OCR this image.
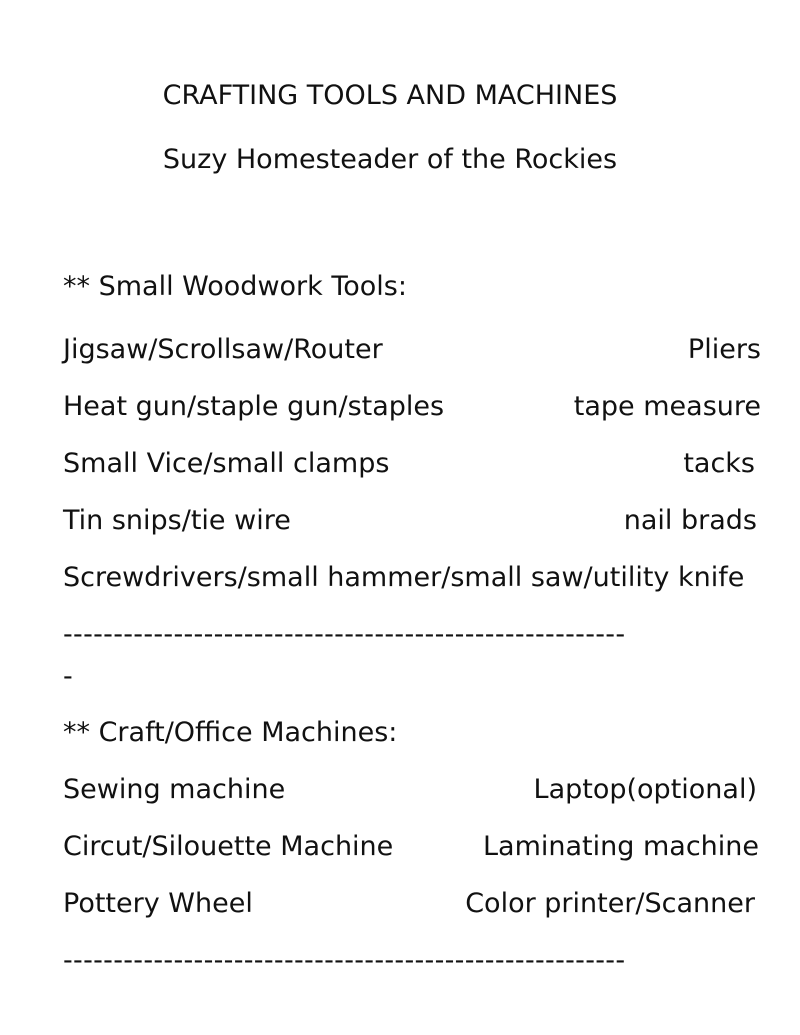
CRAFTING TOOLS AND MACHINES
Suzy Homesteader of the Rockies
** Small Woodwork Tools:
Jigsaw/Scrollsaw/Router	Pliers
Heat gun/staple gun/staples	tape measure
Small Vice/small clamps	tacks
Tin snips/tie wire	nail brads
Screwdrivers/small hammer/small saw/utility knife
--------------------------------------------------------
-
** Craft/Office Machines:
Sewing machine	Laptop(optional)
Circut/Silouette Machine	Laminating machine
Pottery Wheel	Color printer/Scanner
--------------------------------------------------------
